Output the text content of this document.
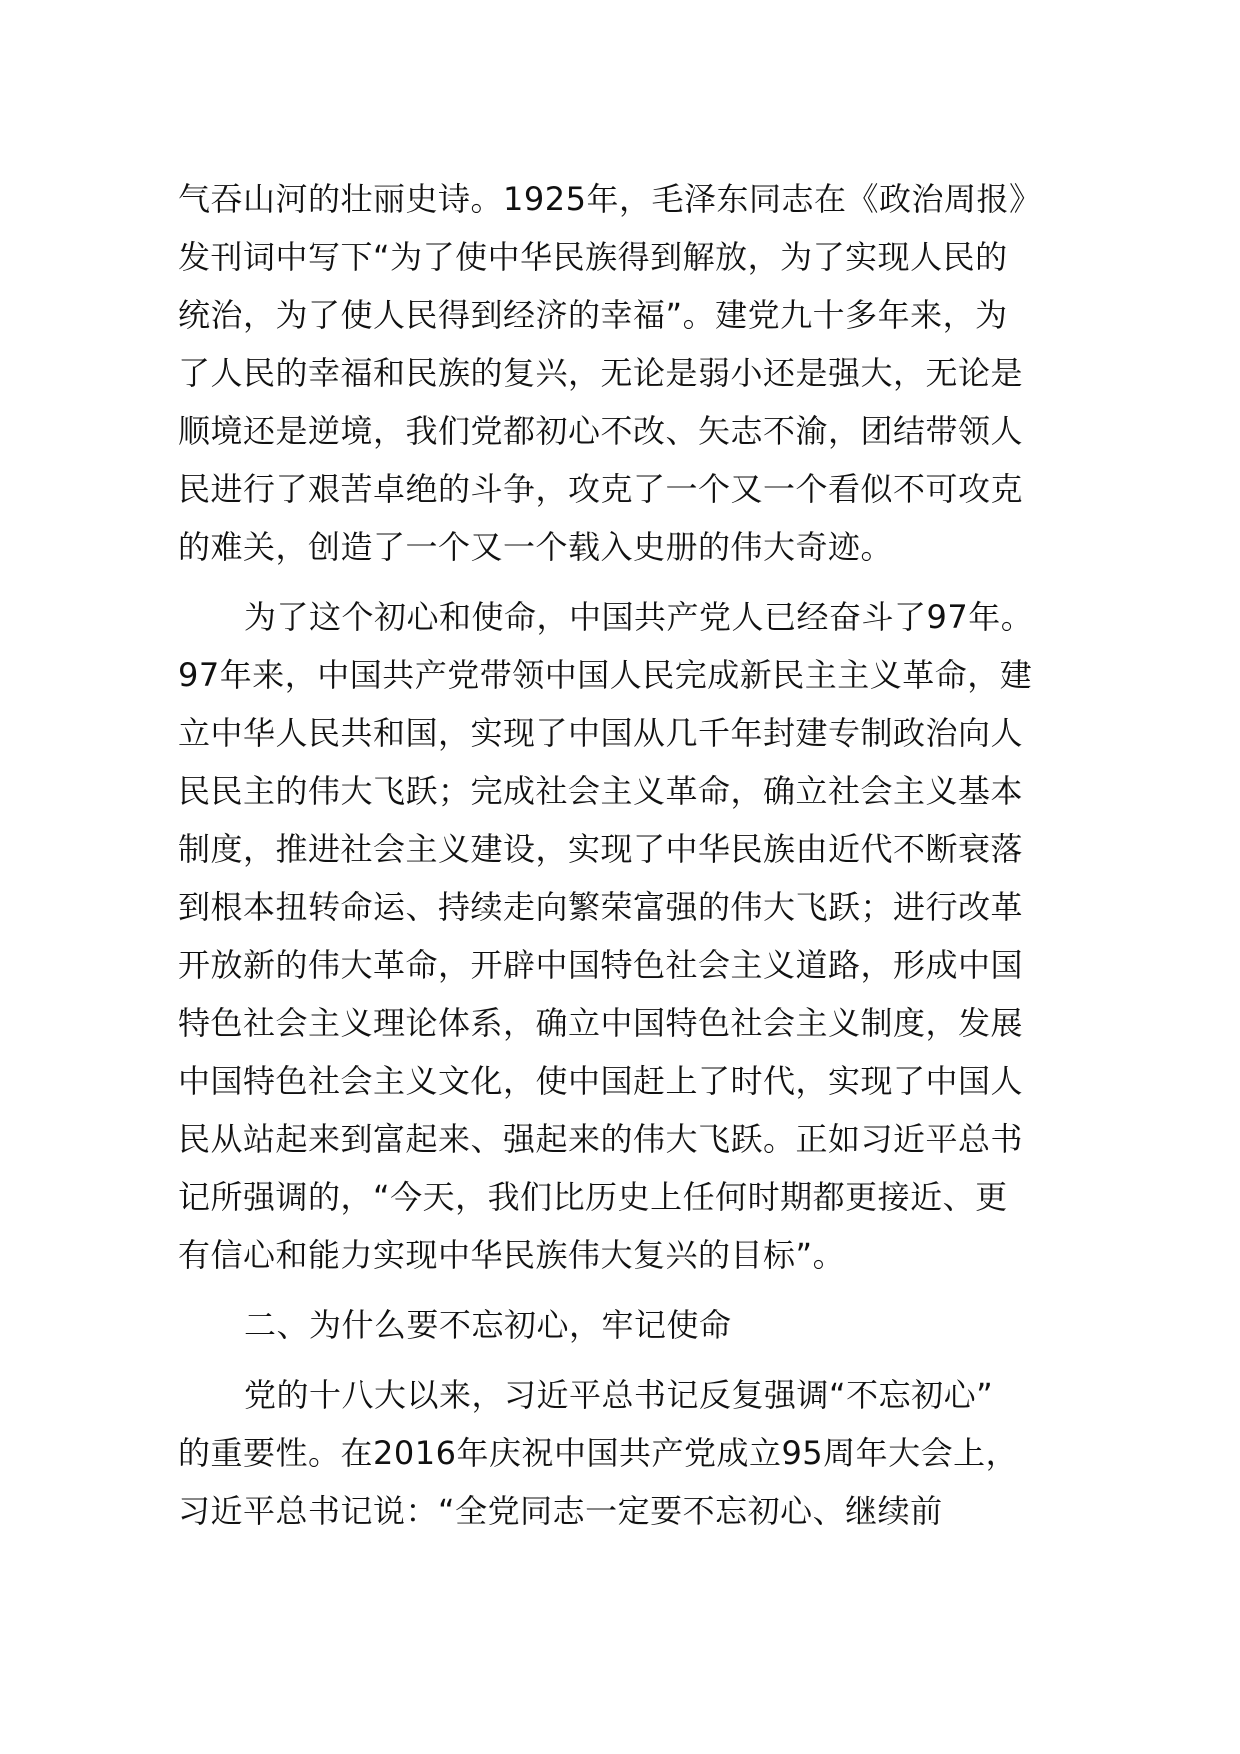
气吞山河的壮丽史诗。1925年，毛泽东同志在《政治周报》
发刊词中写下“为了使中华民族得到解放，为了实现人民的
统治，为了使人民得到经济的幸福”。建党九十多年来，为
了人民的幸福和民族的复兴，无论是弱小还是强大，无论是
顺境还是逆境，我们党都初心不改、矢志不渝，团结带领人
民进行了艰苦卓绝的斗争，攻克了一个又一个看似不可攻克
的难关，创造了一个又一个载入史册的伟大奇迹。
为了这个初心和使命，中国共产党人已经奋斗了97年。
97年来，中国共产党带领中国人民完成新民主主义革命，建
立中华人民共和国，实现了中国从几千年封建专制政治向人
民民主的伟大飞跃；完成社会主义革命，确立社会主义基本
制度，推进社会主义建设，实现了中华民族由近代不断衰落
到根本扭转命运、持续走向繁荣富强的伟大飞跃；进行改革
开放新的伟大革命，开辟中国特色社会主义道路，形成中国
特色社会主义理论体系，确立中国特色社会主义制度，发展
中国特色社会主义文化，使中国赶上了时代，实现了中国人
民从站起来到富起来、强起来的伟大飞跃。正如习近平总书
记所强调的，“今天，我们比历史上任何时期都更接近、更
有信心和能力实现中华民族伟大复兴的目标”。
二、为什么要不忘初心，牢记使命
党的十八大以来，习近平总书记反复强调“不忘初心”
的重要性。在2016年庆祝中国共产党成立95周年大会上，
习近平总书记说：“全党同志一定要不忘初心、继续前
